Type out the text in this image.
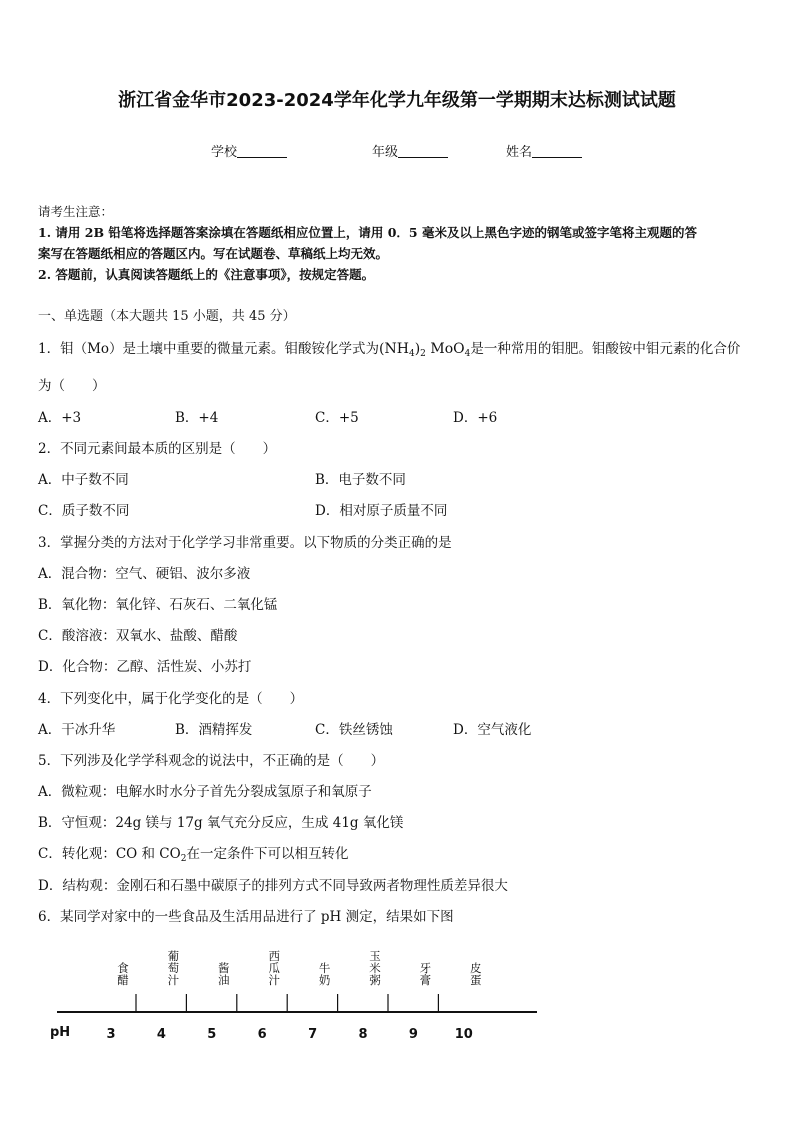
浙江省金华市2023-2024学年化学九年级第一学期期末达标测试试题
学校	年级	姓名
请考生注意：
1. 请用 2B 铅笔将选择题答案涂填在答题纸相应位置上，请用 0．5 毫米及以上黑色字迹的钢笔或签字笔将主观题的答
案写在答题纸相应的答题区内。写在试题卷、草稿纸上均无效。
2. 答题前，认真阅读答题纸上的《注意事项》，按规定答题。
一、单选题（本大题共 15 小题，共 45 分）
1．钼（Mo）是土壤中重要的微量元素。钼酸铵化学式为$(NH_4)_2$ MoO$_4$是一种常用的钼肥。钼酸铵中钼元素的化合价
为（　　）
A．+3	B．+4	C．+5	D．+6
2．不同元素间最本质的区别是（　　）
A．中子数不同	B．电子数不同
C．质子数不同	D．相对原子质量不同
3．掌握分类的方法对于化学学习非常重要。以下物质的分类正确的是
A．混合物：空气、硬铝、波尔多液
B．氧化物：氧化锌、石灰石、二氧化锰
C．酸溶液：双氧水、盐酸、醋酸
D．化合物：乙醇、活性炭、小苏打
4．下列变化中，属于化学变化的是（　　）
A．干冰升华	B．酒精挥发	C．铁丝锈蚀	D．空气液化
5．下列涉及化学学科观念的说法中，不正确的是（　　）
A．微粒观：电解水时水分子首先分裂成氢原子和氧原子
B．守恒观：24g 镁与 17g 氧气充分反应，生成 41g 氧化镁
C．转化观：CO 和 $CO_2$在一定条件下可以相互转化
D．结构观：金刚石和石墨中碳原子的排列方式不同导致两者物理性质差异很大
6．某同学对家中的一些食品及生活用品进行了 pH 测定，结果如下图
pH	3	4	5	6	7	8	9	10
食
醋
葡
萄
汁
酱
油
西
瓜
汁
牛
奶
玉
米
粥
牙
膏
皮
蛋
